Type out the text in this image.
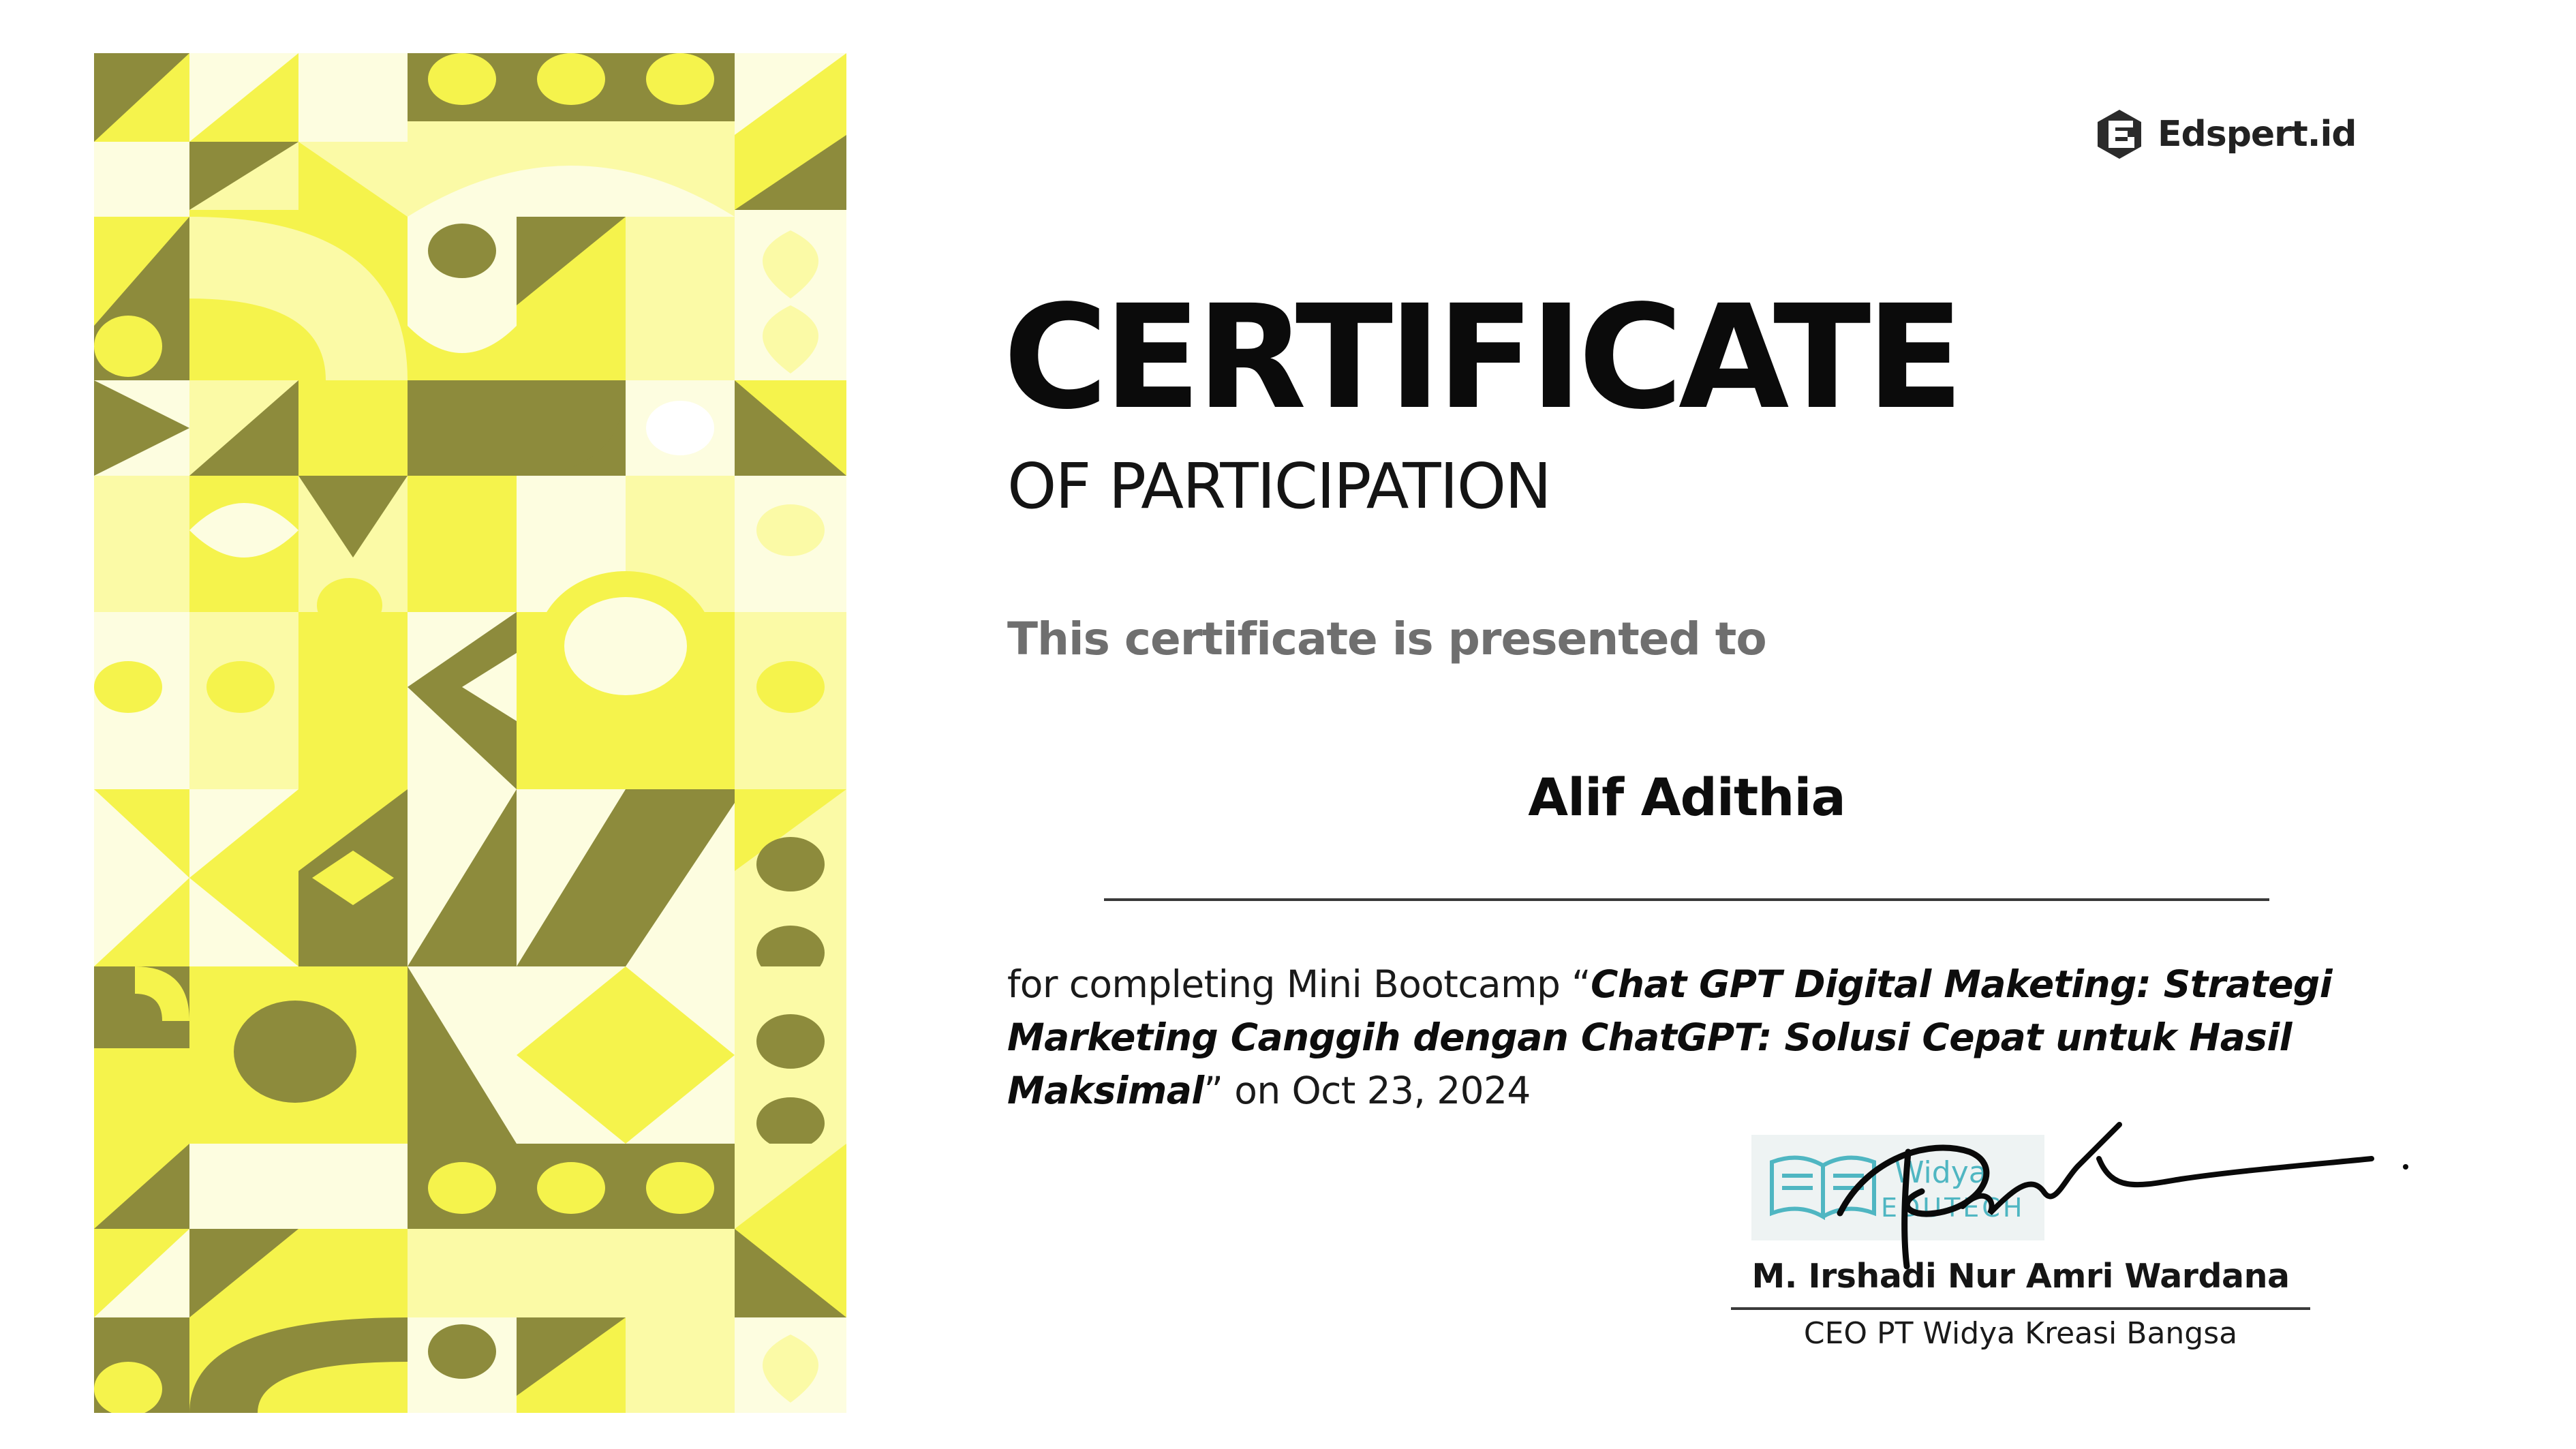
Edspert.id
CERTIFICATE
OF PARTICIPATION
This certificate is presented to
Alif Adithia
for completing Mini Bootcamp “Chat GPT Digital Maketing: Strategi Marketing Canggih dengan ChatGPT: Solusi Cepat untuk Hasil Maksimal” on Oct 23, 2024
Widya
EDUTECH
M. Irshadi Nur Amri Wardana
CEO PT Widya Kreasi Bangsa
